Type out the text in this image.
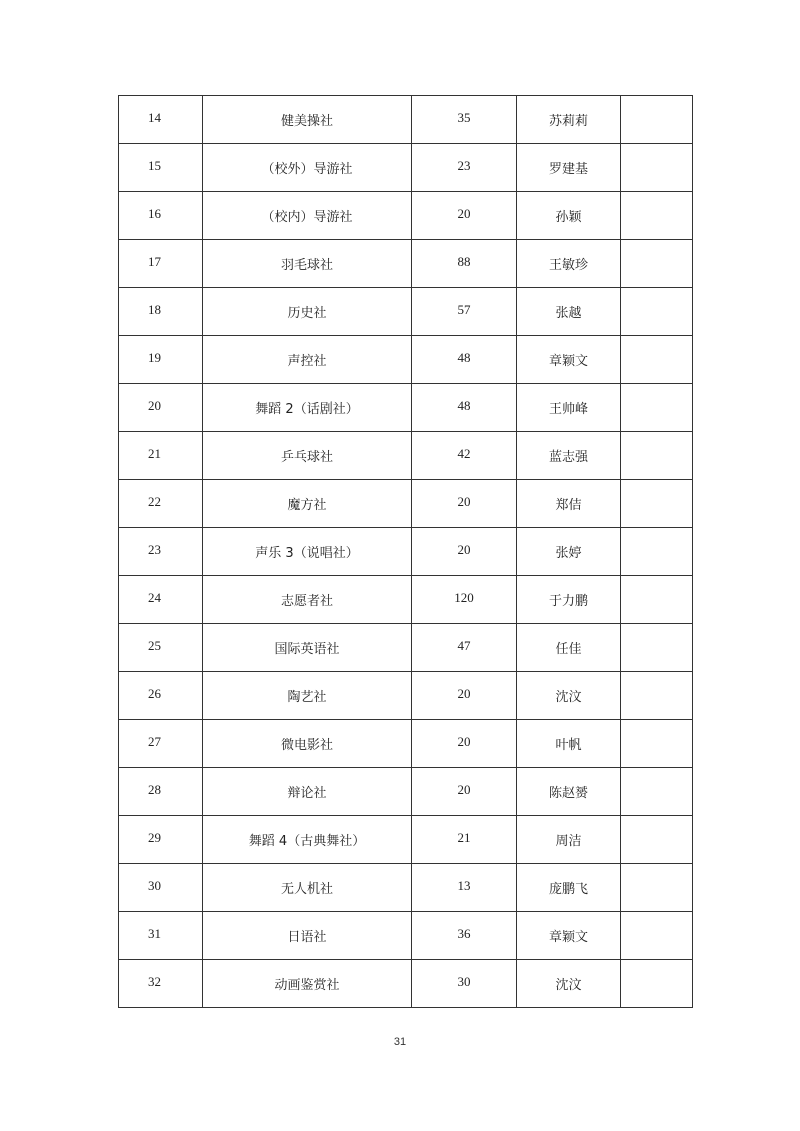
14	健美操社	35	苏莉莉	
15	（校外）导游社	23	罗建基	
16	（校内）导游社	20	孙颖	
17	羽毛球社	88	王敏珍	
18	历史社	57	张越	
19	声控社	48	章颖文	
20	舞蹈 2（话剧社）	48	王帅峰	
21	乒乓球社	42	蓝志强	
22	魔方社	20	郑佶	
23	声乐 3（说唱社）	20	张婷	
24	志愿者社	120	于力鹏	
25	国际英语社	47	任佳	
26	陶艺社	20	沈汶	
27	微电影社	20	叶帆	
28	辩论社	20	陈赵赟	
29	舞蹈 4（古典舞社）	21	周洁	
30	无人机社	13	庞鹏飞	
31	日语社	36	章颖文	
32	动画鉴赏社	30	沈汶	
31
